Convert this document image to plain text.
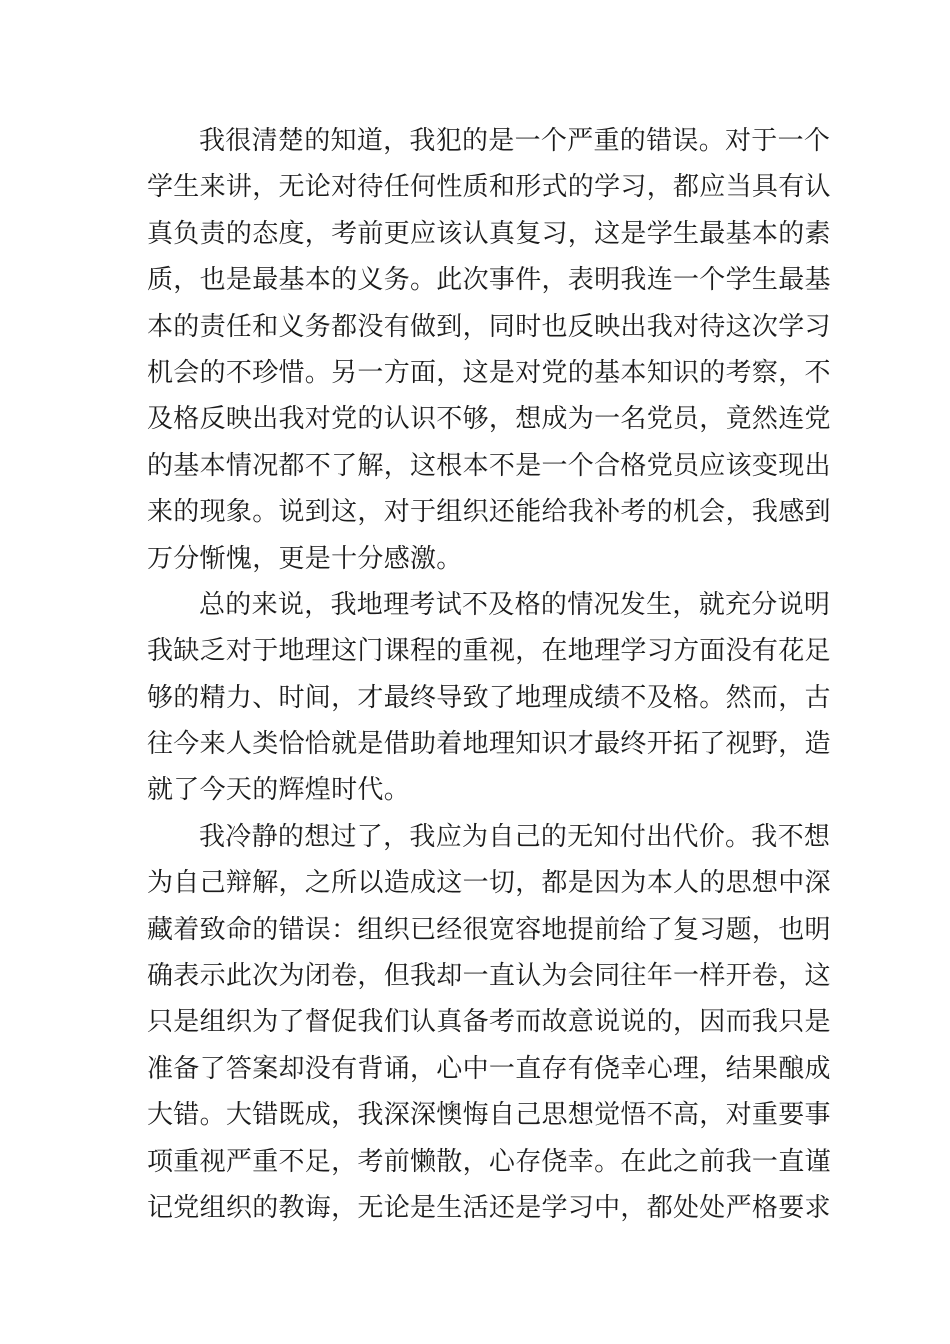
我很清楚的知道，我犯的是一个严重的错误。对于一个
学生来讲，无论对待任何性质和形式的学习，都应当具有认
真负责的态度，考前更应该认真复习，这是学生最基本的素
质，也是最基本的义务。此次事件，表明我连一个学生最基
本的责任和义务都没有做到，同时也反映出我对待这次学习
机会的不珍惜。另一方面，这是对党的基本知识的考察，不
及格反映出我对党的认识不够，想成为一名党员，竟然连党
的基本情况都不了解，这根本不是一个合格党员应该变现出
来的现象。说到这，对于组织还能给我补考的机会，我感到
万分惭愧，更是十分感激。
总的来说，我地理考试不及格的情况发生，就充分说明
我缺乏对于地理这门课程的重视，在地理学习方面没有花足
够的精力、时间，才最终导致了地理成绩不及格。然而，古
往今来人类恰恰就是借助着地理知识才最终开拓了视野，造
就了今天的辉煌时代。
我冷静的想过了，我应为自己的无知付出代价。我不想
为自己辩解，之所以造成这一切，都是因为本人的思想中深
藏着致命的错误：组织已经很宽容地提前给了复习题，也明
确表示此次为闭卷，但我却一直认为会同往年一样开卷，这
只是组织为了督促我们认真备考而故意说说的，因而我只是
准备了答案却没有背诵，心中一直存有侥幸心理，结果酿成
大错。大错既成，我深深懊悔自己思想觉悟不高，对重要事
项重视严重不足，考前懒散，心存侥幸。在此之前我一直谨
记党组织的教诲，无论是生活还是学习中，都处处严格要求
